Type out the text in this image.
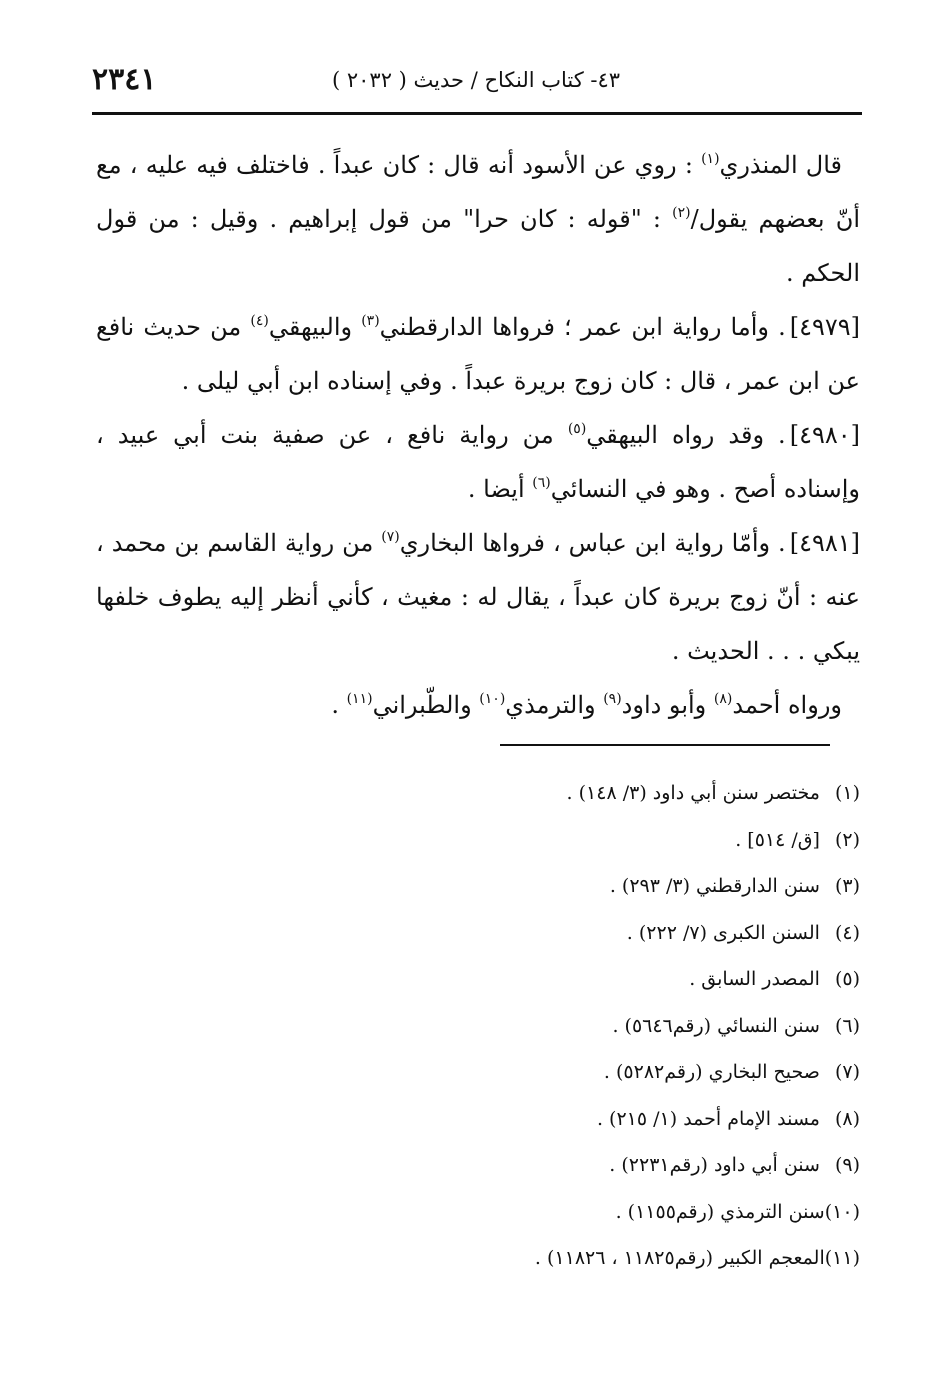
٢٣٤١	٤٣- كتاب النكاح / حديث ( ٢٠٣٢ )

قال المنذري$^{(١)}$ : روي عن الأسود أنه قال : كان عبداً . فاختلف فيه عليه ، مع أنّ بعضهم يقول/$^{(٢)}$ : "قوله : كان حرا" من قول إبراهيم . وقيل : من قول الحكم .

[٤٩٧٩]. وأما رواية ابن عمر ؛ فرواها الدارقطني$^{(٣)}$ والبيهقي$^{(٤)}$ من حديث نافع عن ابن عمر ، قال : كان زوج بريرة عبداً . وفي إسناده ابن أبي ليلى .

[٤٩٨٠]. وقد رواه البيهقي$^{(٥)}$ من رواية نافع ، عن صفية بنت أبي عبيد ، وإسناده أصح . وهو في النسائي$^{(٦)}$ أيضا .

[٤٩٨١]. وأمّا رواية ابن عباس ، فرواها البخاري$^{(٧)}$ من رواية القاسم بن محمد ، عنه : أنّ زوج بريرة كان عبداً ، يقال له : مغيث ، كأني أنظر إليه يطوف خلفها يبكي . . . الحديث .

ورواه أحمد$^{(٨)}$ وأبو داود$^{(٩)}$ والترمذي$^{(١٠)}$ والطّبراني$^{(١١)}$ .

(١) مختصر سنن أبي داود (٣/ ١٤٨) .
(٢) [ق/ ٥١٤] .
(٣) سنن الدارقطني (٣/ ٢٩٣) .
(٤) السنن الكبرى (٧/ ٢٢٢) .
(٥) المصدر السابق .
(٦) سنن النسائي (رقم٥٦٤٦) .
(٧) صحيح البخاري (رقم٥٢٨٢) .
(٨) مسند الإمام أحمد (١/ ٢١٥) .
(٩) سنن أبي داود (رقم٢٢٣١) .
(١٠)سنن الترمذي (رقم١١٥٥) .
(١١)المعجم الكبير (رقم١١٨٢٥ ، ١١٨٢٦) .
